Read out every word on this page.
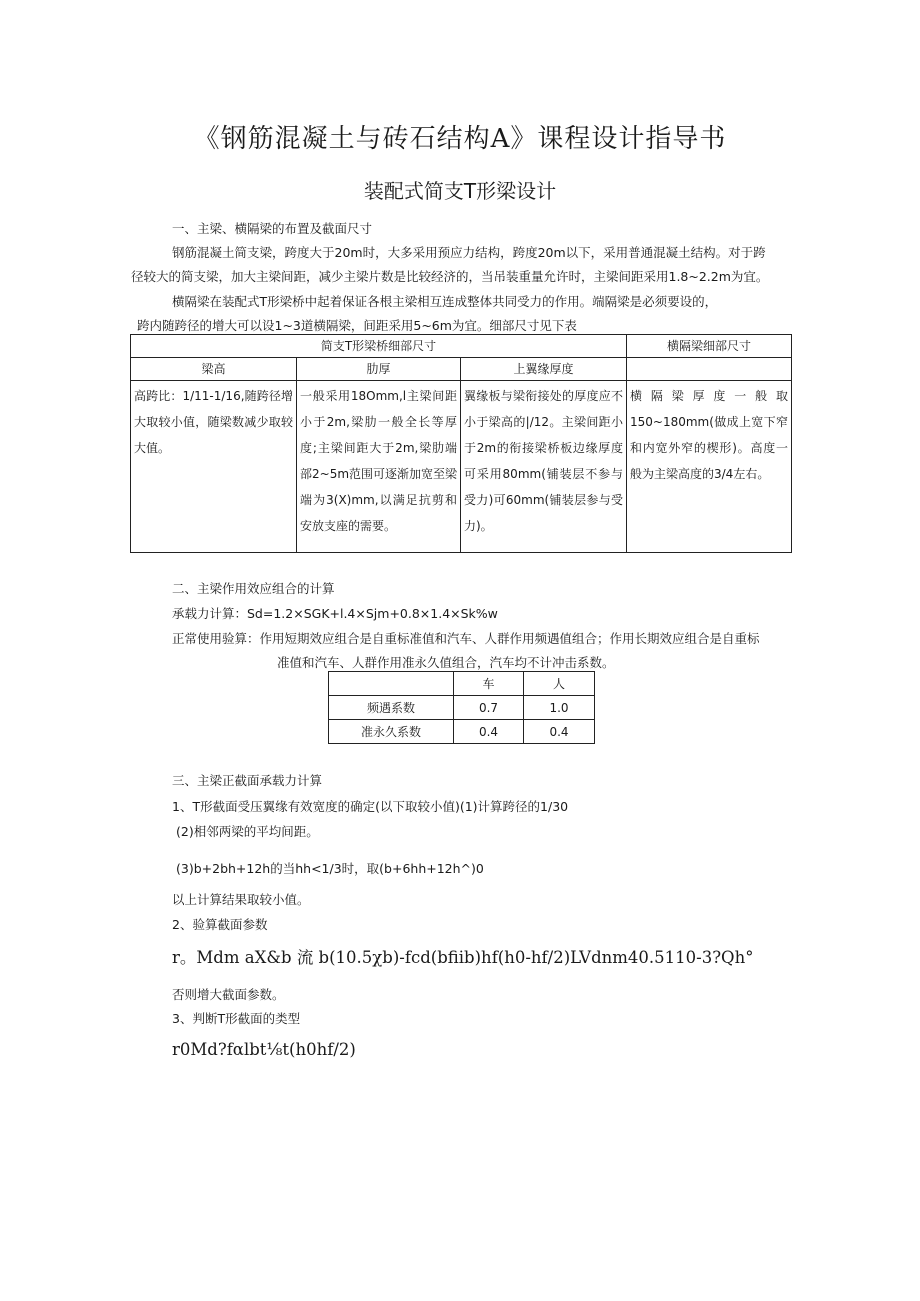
《钢筋混凝土与砖石结构A》课程设计指导书
装配式简支T形梁设计
一、主梁、横隔梁的布置及截面尺寸
钢筋混凝土简支梁，跨度大于20m时，大多采用预应力结构，跨度20m以下，采用普通混凝土结构。对于跨
径较大的简支梁，加大主梁间距，减少主梁片数是比较经济的，当吊装重量允许时，主梁间距采用1.8~2.2m为宜。
横隔梁在装配式T形梁桥中起着保证各根主梁相互连成整体共同受力的作用。端隔梁是必须要设的，
跨内随跨径的增大可以设1~3道横隔梁，间距采用5~6m为宜。细部尺寸见下表
简支T形梁桥细部尺寸			横隔梁细部尺寸
梁高	肋厚	上翼缘厚度	
高跨比：1/11-1/16,随跨径增大取较小值，随梁数减少取较大值。	一般采用18Omm,l主梁间距小于2m,梁肋一般全长等厚度;主梁间距大于2m,梁肋端部2~5m范围可逐渐加宽至梁端为3(X)mm,以满足抗剪和安放支座的需要。	翼缘板与梁衔接处的厚度应不小于梁高的|/12。主梁间距小于2m的衔接梁桥板边缘厚度可采用80mm(铺装层不参与受力)可60mm(铺装层参与受力)。	横隔梁厚度一般取150~180mm(做成上宽下窄和内宽外窄的楔形)。高度一般为主梁高度的3/4左右。
二、主梁作用效应组合的计算
承载力计算：Sd=1.2×SGK+l.4×Sjm+0.8×1.4×Sk%w
正常使用验算：作用短期效应组合是自重标准值和汽车、人群作用频遇值组合；作用长期效应组合是自重标
准值和汽车、人群作用准永久值组合，汽车均不计冲击系数。
	车	人
频遇系数	0.7	1.0
准永久系数	0.4	0.4
三、主梁正截面承载力计算
1、T形截面受压翼缘有效宽度的确定(以下取较小值)(1)计算跨径的1/30
(2)相邻两梁的平均间距。
(3)b+2bh+12h的当hh<1/3时，取(b+6hh+12h^)0
以上计算结果取较小值。
2、验算截面参数
r。Mdm aX&b 流 b(10.5χb)-fcd(bfiib)hf(h0-hf/2)LVdnm40.5110-3?Qh°
否则增大截面参数。
3、判断T形截面的类型
r0Md?fαlbt⅛t(h0hf/2)
